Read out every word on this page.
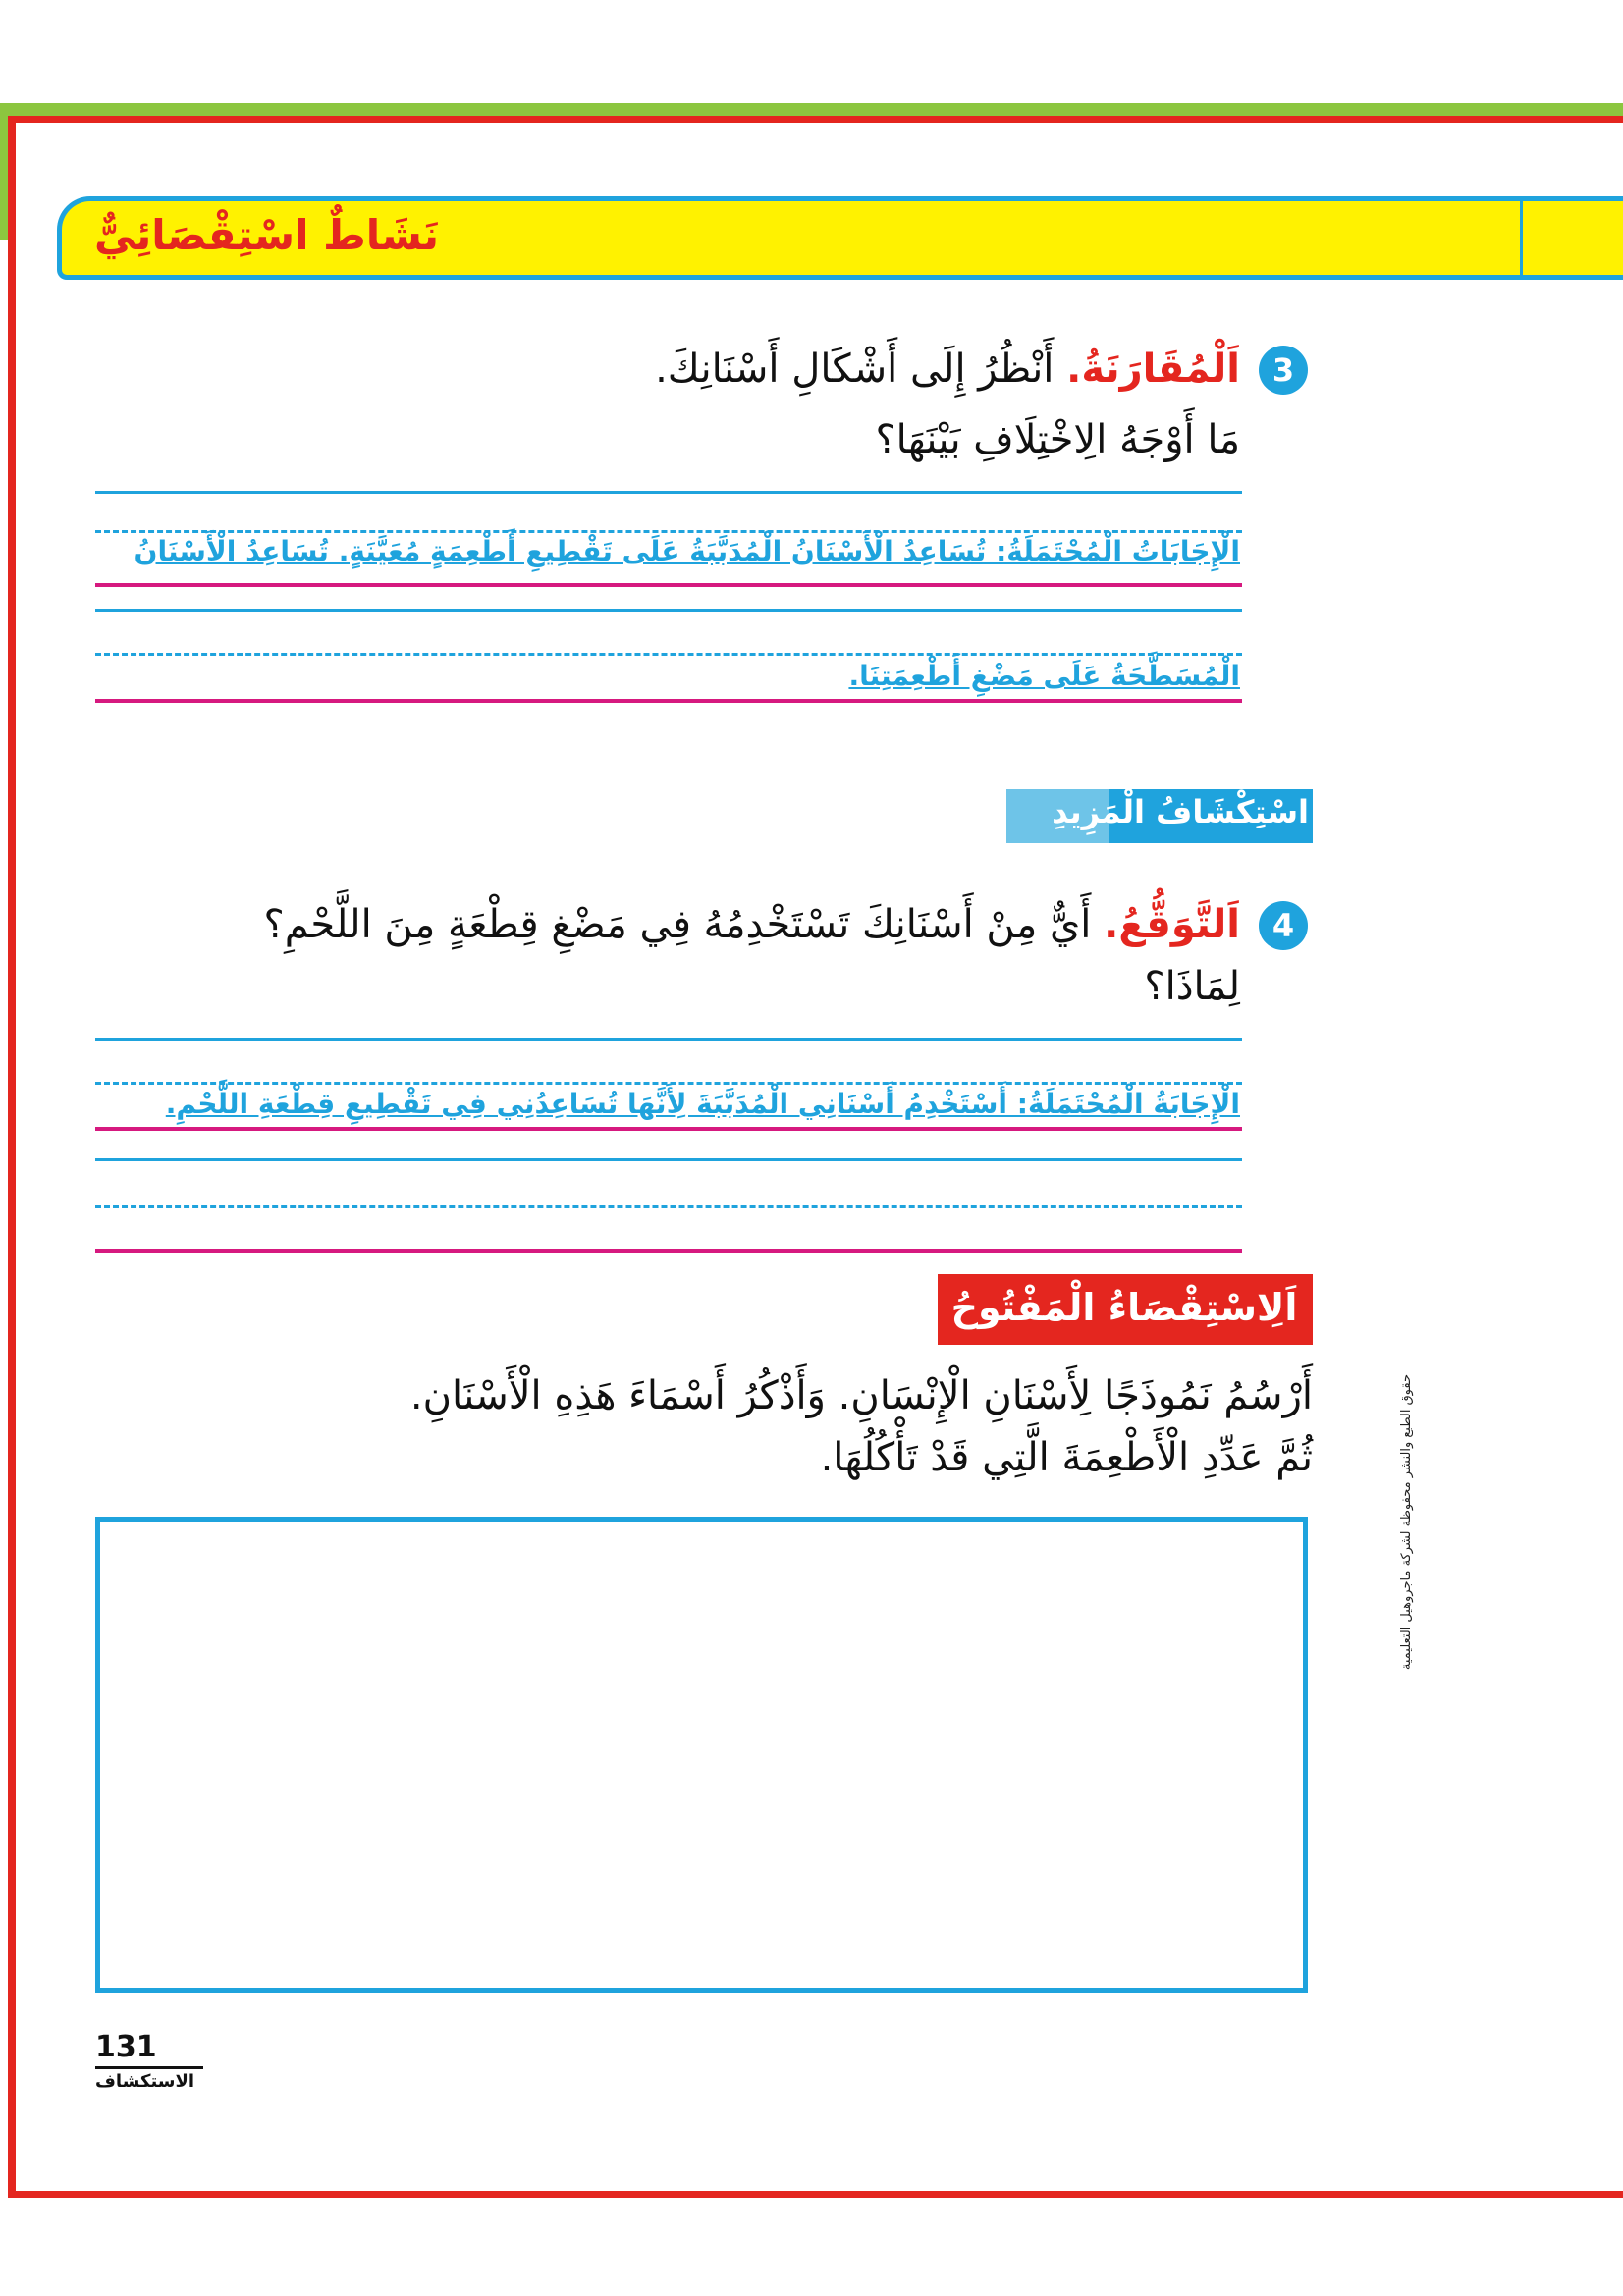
نَشَاطٌ اسْتِقْصَائِيٌّ
3
اَلْمُقَارَنَةُ. أَنْظُرُ إِلَى أَشْكَالِ أَسْنَانِكَ.
مَا أَوْجَهُ الِاخْتِلَافِ بَيْنَهَا؟
الْإِجَابَاتُ الْمُحْتَمَلَةُ: تُسَاعِدُ الْأَسْنَانُ الْمُدَبَّبَةُ عَلَى تَقْطِيعِ أَطْعِمَةٍ مُعَيَّنَةٍ. تُسَاعِدُ الْأَسْنَانُ
الْمُسَطَّحَةُ عَلَى مَضْغِ أَطْعِمَتِنَا.
اسْتِكْشَافُ الْمَزِيدِ
4
اَلتَّوَقُّعُ. أَيٌّ مِنْ أَسْنَانِكَ تَسْتَخْدِمُهُ فِي مَضْغِ قِطْعَةٍ مِنَ اللَّحْمِ؟
لِمَاذَا؟
الْإِجَابَةُ الْمُحْتَمَلَةُ: أَسْتَخْدِمُ أَسْنَانِي الْمُدَبَّبَةَ لِأَنَّهَا تُسَاعِدُنِي فِي تَقْطِيعِ قِطْعَةِ اللَّحْمِ.
اَلِاسْتِقْصَاءُ الْمَفْتُوحُ
أَرْسُمُ نَمُوذَجًا لِأَسْنَانِ الْإِنْسَانِ. وَأَذْكُرُ أَسْمَاءَ هَذِهِ الْأَسْنَانِ.
ثُمَّ عَدِّدِ الْأَطْعِمَةَ الَّتِي قَدْ تَأْكُلُهَا.	حقوق الطبع والنشر محفوظة لشركة ماجروهيل التعليمية
131
الاستكشاف
